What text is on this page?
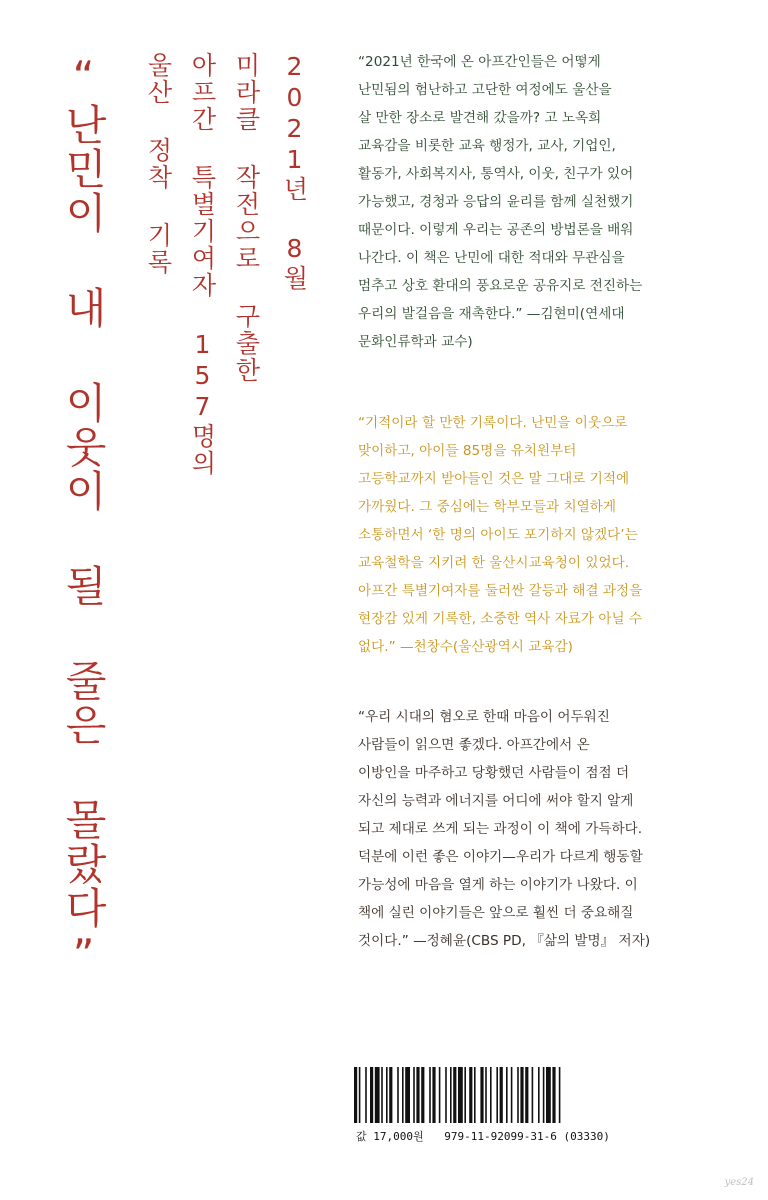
“난민이 내 이웃이 될 줄은 몰랐다”	2021년 8월
미라클 작전으로 구출한
아프간 특별기여자 157명의
울산 정착 기록	“2021년 한국에 온 아프간인들은 어떻게
난민됨의 험난하고 고단한 여정에도 울산을
살 만한 장소로 발견해 갔을까? 고 노옥희
교육감을 비롯한 교육 행정가, 교사, 기업인,
활동가, 사회복지사, 통역사, 이웃, 친구가 있어
가능했고, 경청과 응답의 윤리를 함께 실천했기
때문이다. 이렇게 우리는 공존의 방법론을 배워
나간다. 이 책은 난민에 대한 적대와 무관심을
멈추고 상호 환대의 풍요로운 공유지로 전진하는
우리의 발걸음을 재촉한다.” —김현미(연세대
문화인류학과 교수)

“기적이라 할 만한 기록이다. 난민을 이웃으로
맞이하고, 아이들 85명을 유치원부터
고등학교까지 받아들인 것은 말 그대로 기적에
가까웠다. 그 중심에는 학부모들과 치열하게
소통하면서 ‘한 명의 아이도 포기하지 않겠다’는
교육철학을 지키려 한 울산시교육청이 있었다.
아프간 특별기여자를 둘러싼 갈등과 해결 과정을
현장감 있게 기록한, 소중한 역사 자료가 아닐 수
없다.” —천창수(울산광역시 교육감)

“우리 시대의 혐오로 한때 마음이 어두워진
사람들이 읽으면 좋겠다. 아프간에서 온
이방인을 마주하고 당황했던 사람들이 점점 더
자신의 능력과 에너지를 어디에 써야 할지 알게
되고 제대로 쓰게 되는 과정이 이 책에 가득하다.
덕분에 이런 좋은 이야기—우리가 다르게 행동할
가능성에 마음을 열게 하는 이야기가 나왔다. 이
책에 실린 이야기들은 앞으로 훨씬 더 중요해질
것이다.” —정혜윤(CBS PD, 『삶의 발명』 저자)

값 17,000원 979-11-92099-31-6 (03330)
yes24
